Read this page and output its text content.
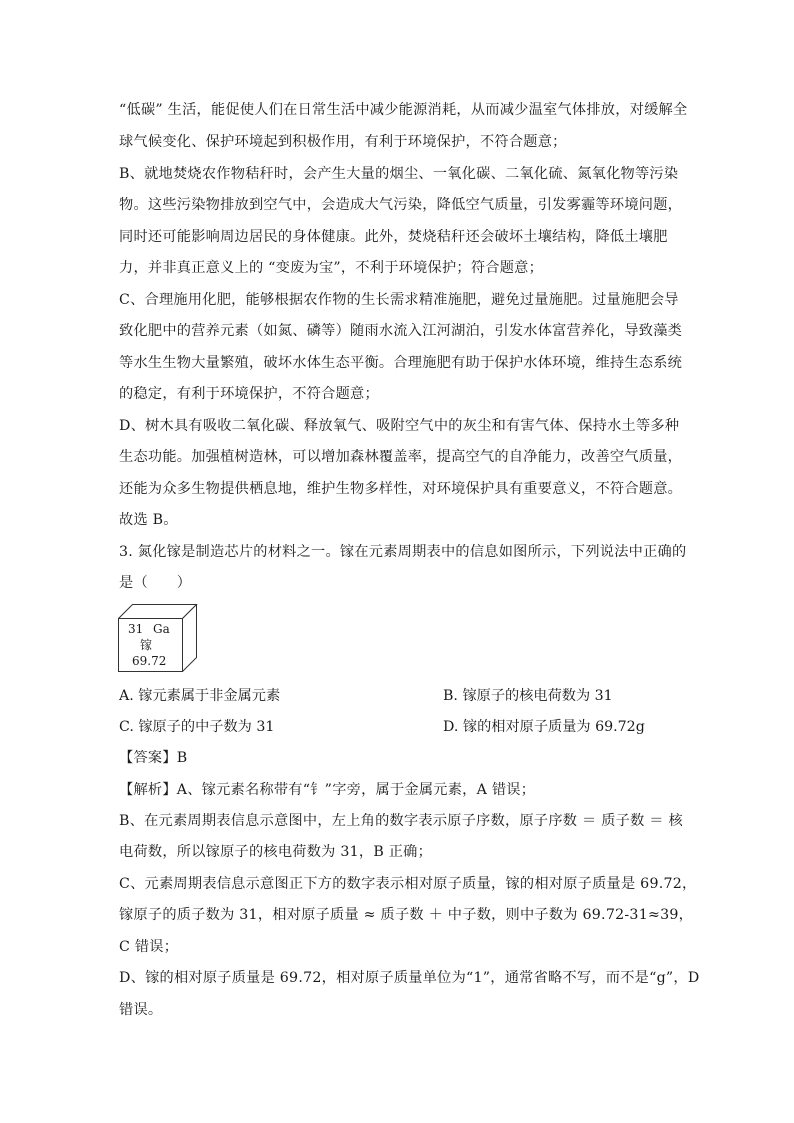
“低碳” 生活，能促使人们在日常生活中减少能源消耗，从而减少温室气体排放，对缓解全
球气候变化、保护环境起到积极作用，有利于环境保护，不符合题意；
B、就地焚烧农作物秸秆时，会产生大量的烟尘、一氧化碳、二氧化硫、氮氧化物等污染
物。这些污染物排放到空气中，会造成大气污染，降低空气质量，引发雾霾等环境问题，
同时还可能影响周边居民的身体健康。此外，焚烧秸秆还会破坏土壤结构，降低土壤肥
力，并非真正意义上的 “变废为宝”，不利于环境保护；符合题意；
C、合理施用化肥，能够根据农作物的生长需求精准施肥，避免过量施肥。过量施肥会导
致化肥中的营养元素（如氮、磷等）随雨水流入江河湖泊，引发水体富营养化，导致藻类
等水生生物大量繁殖，破坏水体生态平衡。合理施肥有助于保护水体环境，维持生态系统
的稳定，有利于环境保护，不符合题意；
D、树木具有吸收二氧化碳、释放氧气、吸附空气中的灰尘和有害气体、保持水土等多种
生态功能。加强植树造林，可以增加森林覆盖率，提高空气的自净能力，改善空气质量，
还能为众多生物提供栖息地，维护生物多样性，对环境保护具有重要意义，不符合题意。
故选 B。
3. 氮化镓是制造芯片的材料之一。镓在元素周期表中的信息如图所示，下列说法中正确的
是（　　）
31 Ga
镓
69.72
A. 镓元素属于非金属元素	B. 镓原子的核电荷数为 31
C. 镓原子的中子数为 31	D. 镓的相对原子质量为 69.72g
【答案】B
【解析】A、镓元素名称带有“钅”字旁，属于金属元素，A 错误；
B、在元素周期表信息示意图中，左上角的数字表示原子序数，原子序数 ＝ 质子数 ＝ 核
电荷数，所以镓原子的核电荷数为 31，B 正确；
C、元素周期表信息示意图正下方的数字表示相对原子质量，镓的相对原子质量是 69.72，
镓原子的质子数为 31，相对原子质量 ≈ 质子数 ＋ 中子数，则中子数为 69.72-31≈39，
C 错误；
D、镓的相对原子质量是 69.72，相对原子质量单位为“1”，通常省略不写，而不是“g”，D
错误。
